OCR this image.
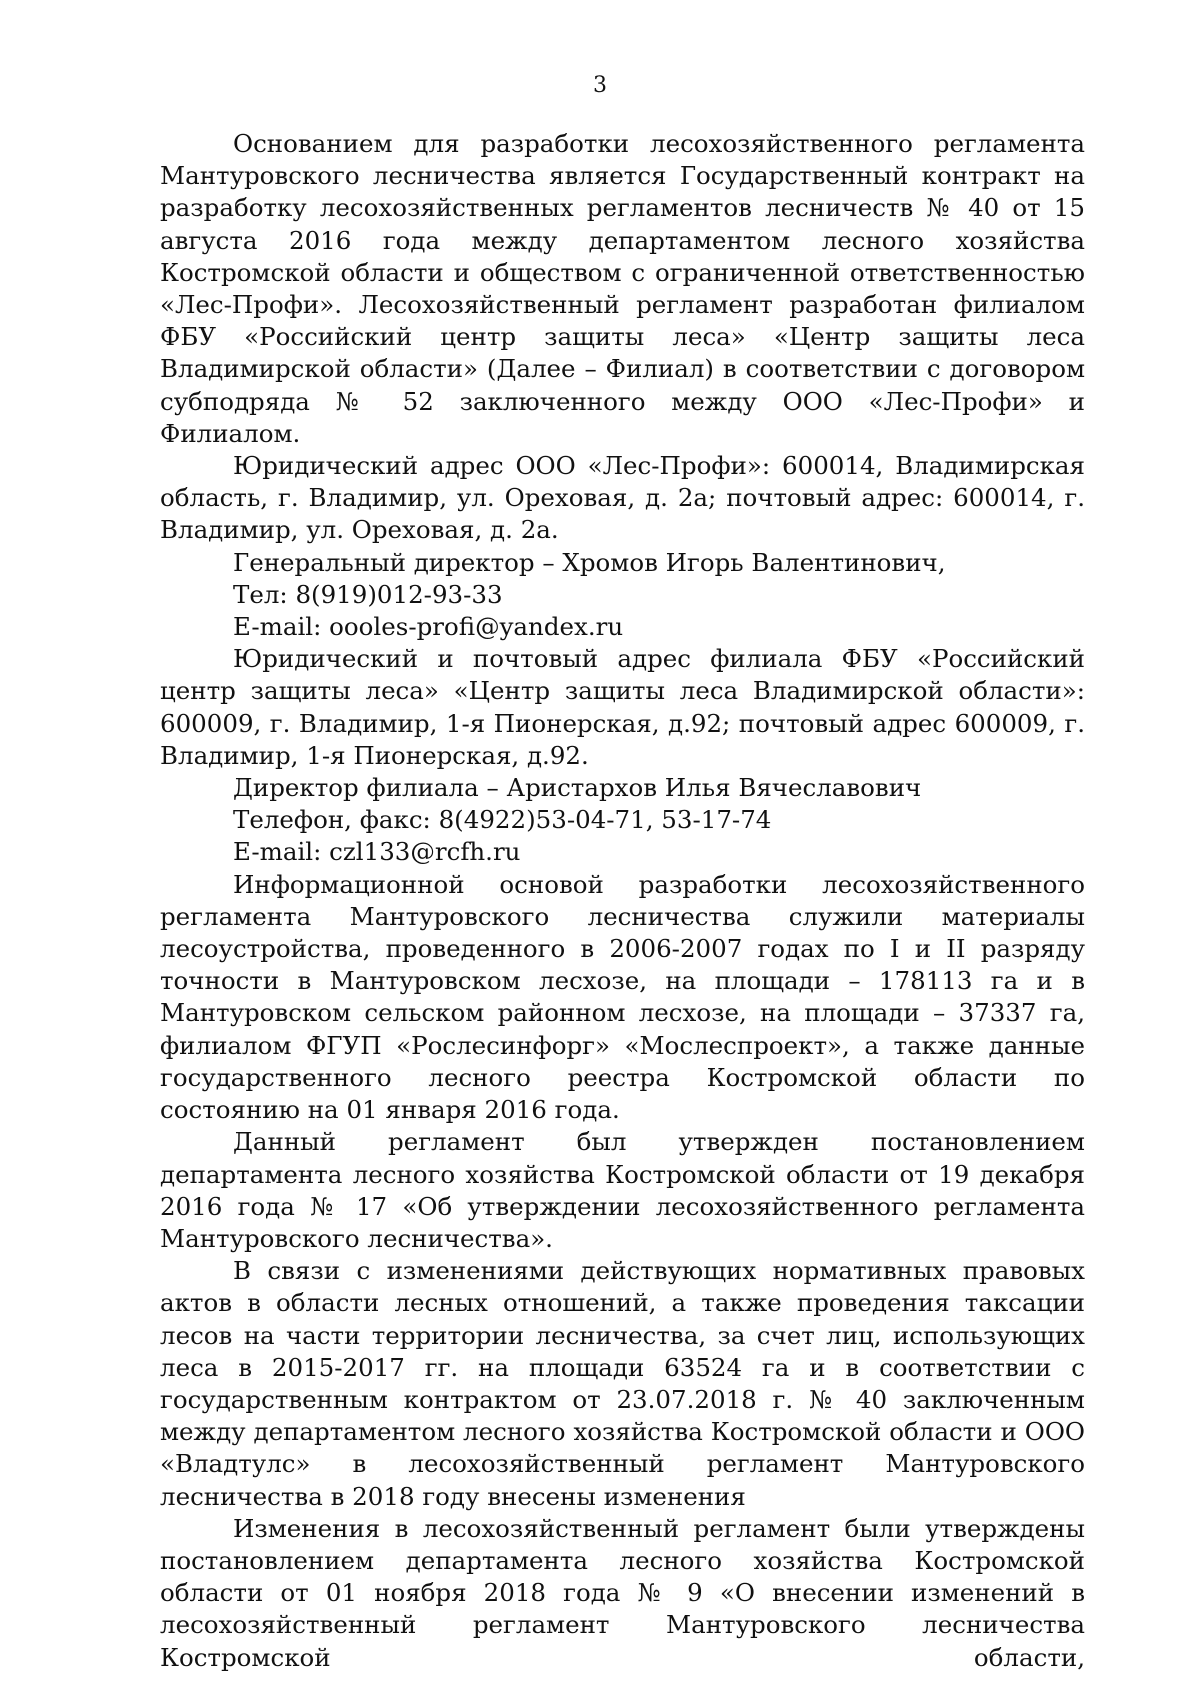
3

Основанием для разработки лесохозяйственного регламента Мантуровского лесничества является Государственный контракт на разработку лесохозяйственных регламентов лесничеств № 40 от 15 августа 2016 года между департаментом лесного хозяйства Костромской области и обществом с ограниченной ответственностью «Лес-Профи». Лесохозяйственный регламент разработан филиалом ФБУ «Российский центр защиты леса» «Центр защиты леса Владимирской области» (Далее – Филиал) в соответствии с договором субподряда № 52 заключенного между ООО «Лес-Профи» и Филиалом.

Юридический адрес ООО «Лес-Профи»: 600014, Владимирская область, г. Владимир, ул. Ореховая, д. 2а; почтовый адрес: 600014, г. Владимир, ул. Ореховая, д. 2а.

Генеральный директор – Хромов Игорь Валентинович,

Тел: 8(919)012-93-33

E-mail: oooles-profi@yandex.ru

Юридический и почтовый адрес филиала ФБУ «Российский центр защиты леса» «Центр защиты леса Владимирской области»: 600009, г. Владимир, 1-я Пионерская, д.92; почтовый адрес 600009, г. Владимир, 1-я Пионерская, д.92.

Директор филиала – Аристархов Илья Вячеславович

Телефон, факс: 8(4922)53-04-71, 53-17-74

E-mail: czl133@rcfh.ru

Информационной основой разработки лесохозяйственного регламента Мантуровского лесничества служили материалы лесоустройства, проведенного в 2006-2007 годах по I и II разряду точности в Мантуровском лесхозе, на площади – 178113 га и в Мантуровском сельском районном лесхозе, на площади – 37337 га, филиалом ФГУП «Рослесинфорг» «Мослеспроект», а также данные государственного лесного реестра Костромской области по состоянию на 01 января 2016 года.

Данный регламент был утвержден постановлением департамента лесного хозяйства Костромской области от 19 декабря 2016 года № 17 «Об утверждении лесохозяйственного регламента Мантуровского лесничества».

В связи с изменениями действующих нормативных правовых актов в области лесных отношений, а также проведения таксации лесов на части территории лесничества, за счет лиц, использующих леса в 2015-2017 гг. на площади 63524 га и в соответствии с государственным контрактом от 23.07.2018 г. № 40 заключенным между департаментом лесного хозяйства Костромской области и ООО «Владтулс» в лесохозяйственный регламент Мантуровского лесничества в 2018 году внесены изменения

Изменения в лесохозяйственный регламент были утверждены постановлением департамента лесного хозяйства Костромской области от 01 ноября 2018 года № 9 «О внесении изменений в лесохозяйственный регламент Мантуровского лесничества Костромской области,
